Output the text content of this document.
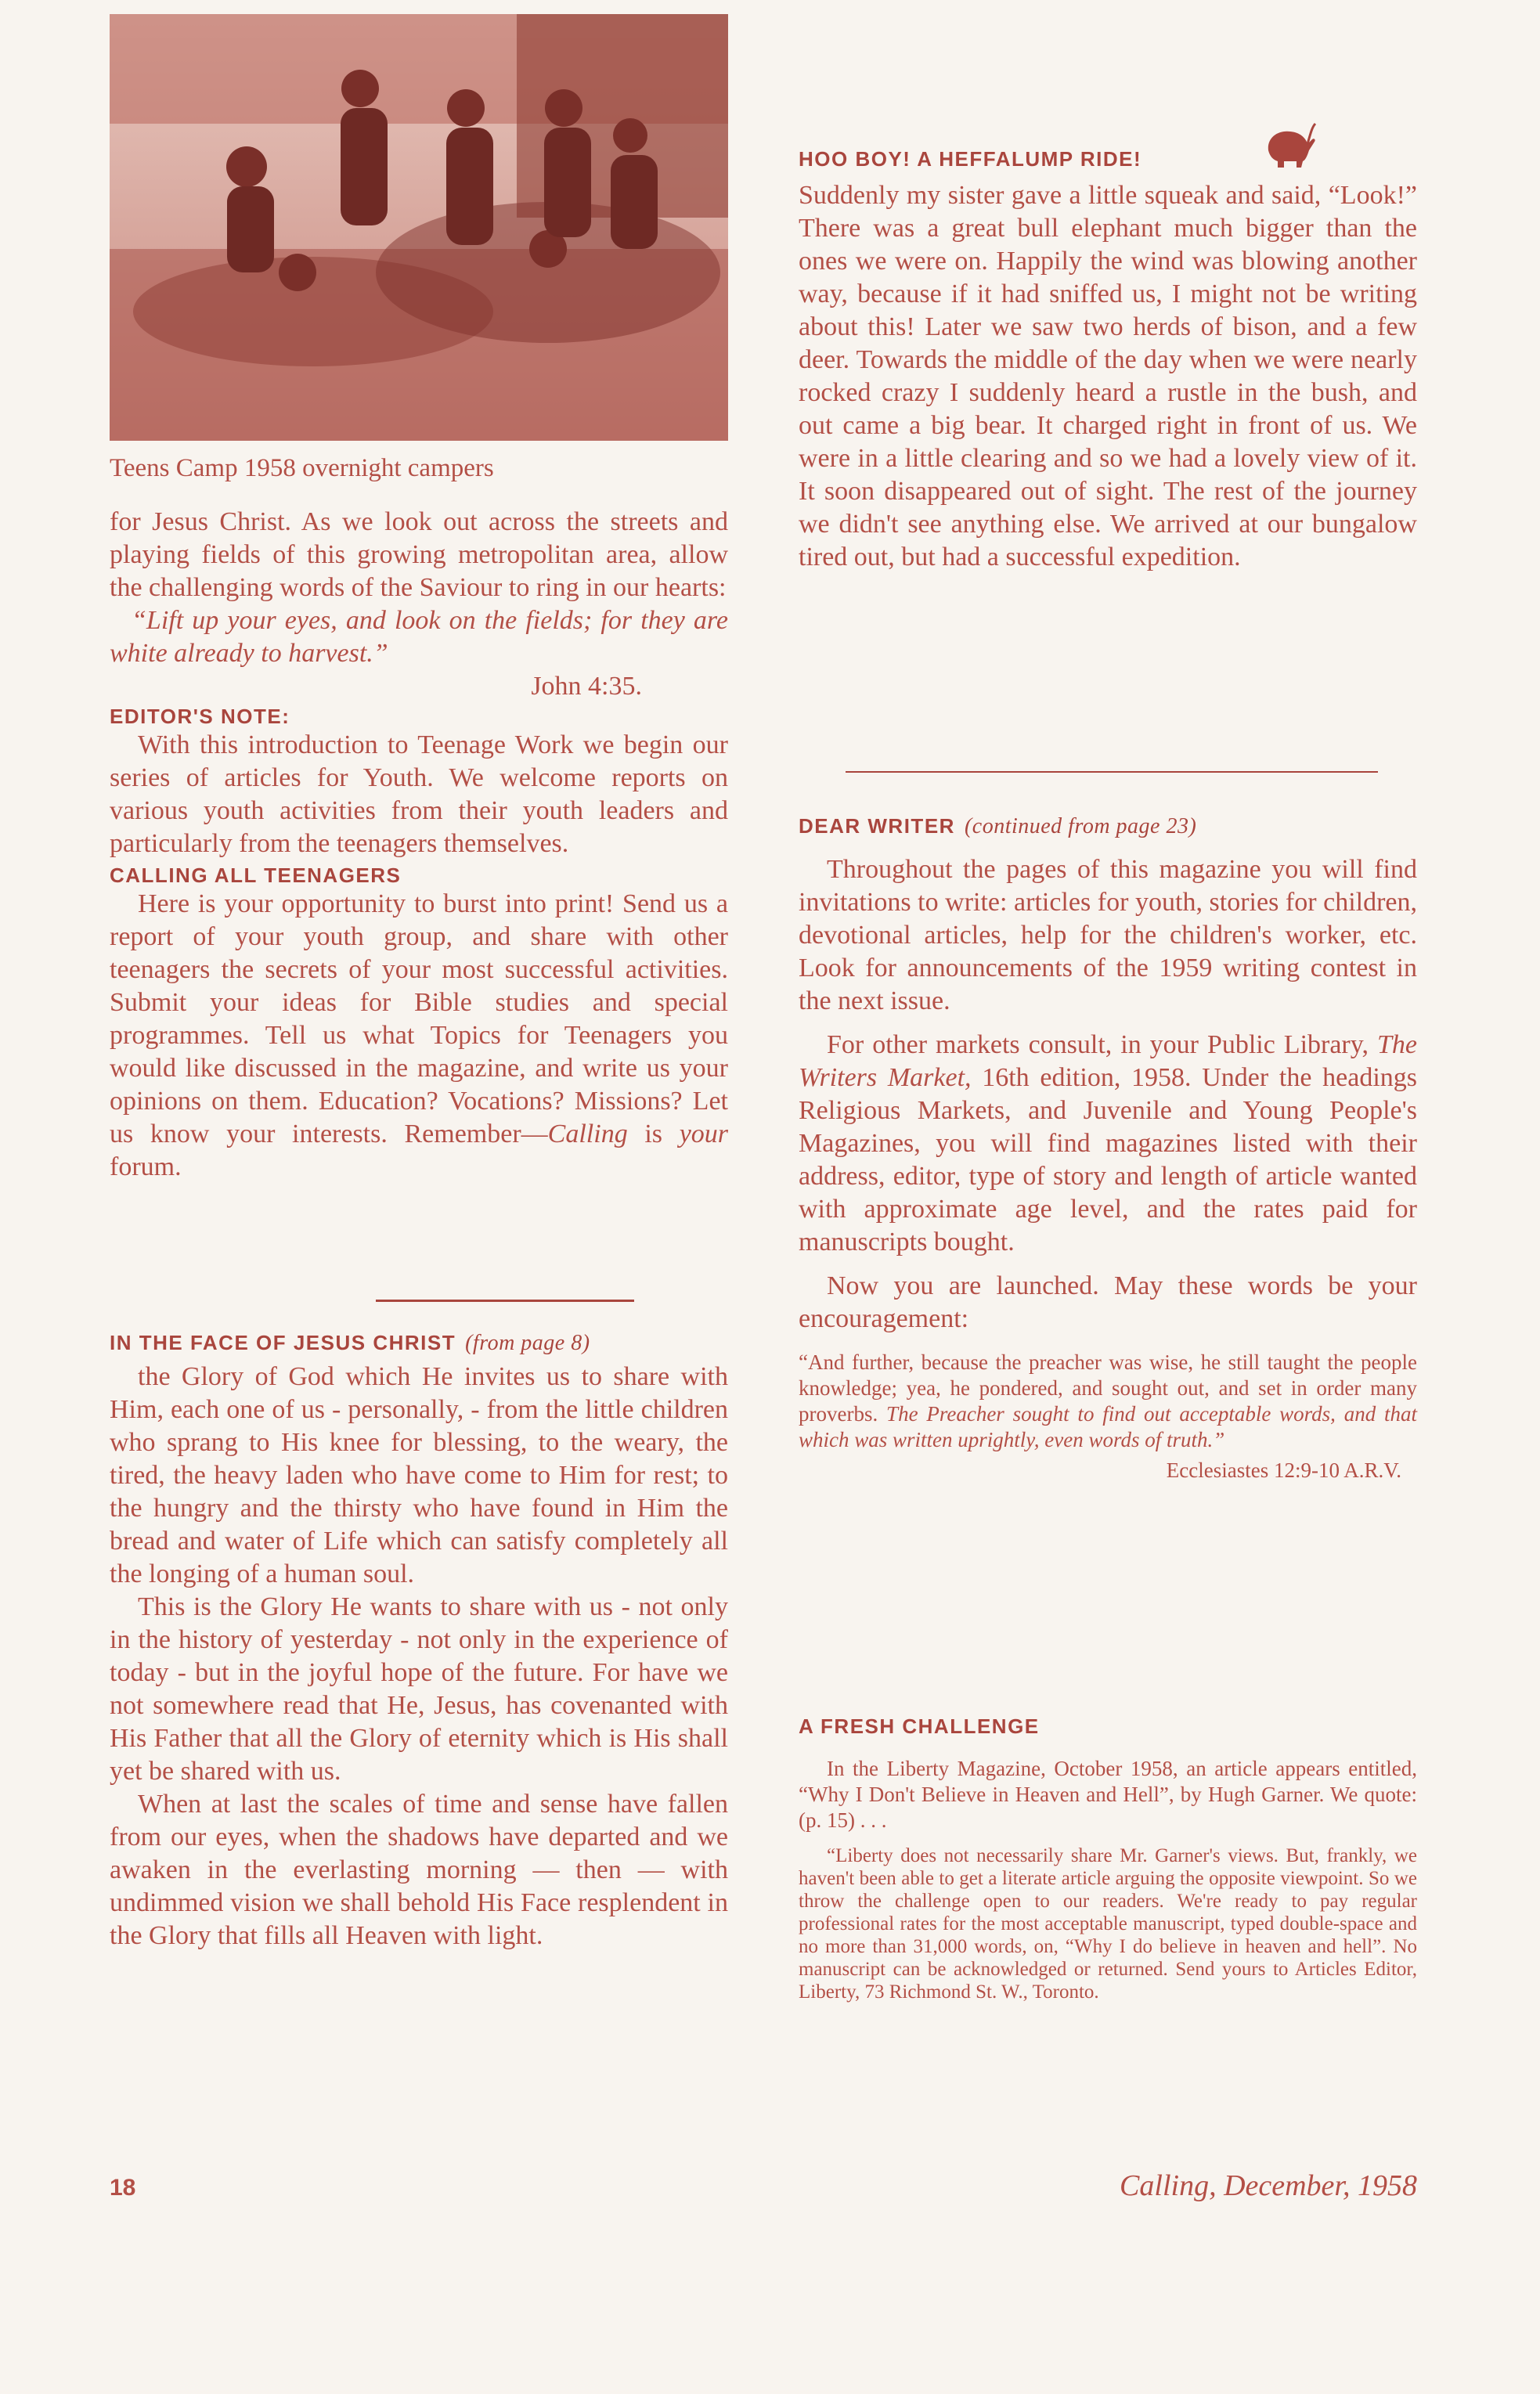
Teens Camp 1958 overnight campers

for Jesus Christ. As we look out across the streets and playing fields of this growing metropolitan area, allow the challenging words of the Saviour to ring in our hearts:

“Lift up your eyes, and look on the fields; for they are white already to harvest.”

John 4:35.

EDITOR'S NOTE:

With this introduction to Teenage Work we begin our series of articles for Youth. We welcome reports on various youth activities from their youth leaders and particularly from the teenagers themselves.

CALLING ALL TEENAGERS

Here is your opportunity to burst into print! Send us a report of your youth group, and share with other teenagers the secrets of your most successful activities. Submit your ideas for Bible studies and special programmes. Tell us what Topics for Teenagers you would like discussed in the magazine, and write us your opinions on them. Education? Vocations? Missions? Let us know your interests. Remember—Calling is your forum.

IN THE FACE OF JESUS CHRIST (from page 8)

the Glory of God which He invites us to share with Him, each one of us - personally, - from the little children who sprang to His knee for blessing, to the weary, the tired, the heavy laden who have come to Him for rest; to the hungry and the thirsty who have found in Him the bread and water of Life which can satisfy completely all the longing of a human soul.

This is the Glory He wants to share with us - not only in the history of yesterday - not only in the experience of today - but in the joyful hope of the future. For have we not somewhere read that He, Jesus, has covenanted with His Father that all the Glory of eternity which is His shall yet be shared with us.

When at last the scales of time and sense have fallen from our eyes, when the shadows have departed and we awaken in the everlasting morning — then — with undimmed vision we shall behold His Face resplendent in the Glory that fills all Heaven with light.

HOO BOY! A HEFFALUMP RIDE!

Suddenly my sister gave a little squeak and said, “Look!” There was a great bull elephant much bigger than the ones we were on. Happily the wind was blowing another way, because if it had sniffed us, I might not be writing about this! Later we saw two herds of bison, and a few deer. Towards the middle of the day when we were nearly rocked crazy I suddenly heard a rustle in the bush, and out came a big bear. It charged right in front of us. We were in a little clearing and so we had a lovely view of it. It soon disappeared out of sight. The rest of the journey we didn't see anything else. We arrived at our bungalow tired out, but had a successful expedition.

DEAR WRITER (continued from page 23)

Throughout the pages of this magazine you will find invitations to write: articles for youth, stories for children, devotional articles, help for the children's worker, etc. Look for announcements of the 1959 writing contest in the next issue.

For other markets consult, in your Public Library, The Writers Market, 16th edition, 1958. Under the headings Religious Markets, and Juvenile and Young People's Magazines, you will find magazines listed with their address, editor, type of story and length of article wanted with approximate age level, and the rates paid for manuscripts bought.

Now you are launched. May these words be your encouragement:

“And further, because the preacher was wise, he still taught the people knowledge; yea, he pondered, and sought out, and set in order many proverbs. The Preacher sought to find out acceptable words, and that which was written uprightly, even words of truth.”

Ecclesiastes 12:9-10 A.R.V.

A FRESH CHALLENGE

In the Liberty Magazine, October 1958, an article appears entitled, “Why I Don't Believe in Heaven and Hell”, by Hugh Garner. We quote: (p. 15) . . .

“Liberty does not necessarily share Mr. Garner's views. But, frankly, we haven't been able to get a literate article arguing the opposite viewpoint. So we throw the challenge open to our readers. We're ready to pay regular professional rates for the most acceptable manuscript, typed double-space and no more than 31,000 words, on, “Why I do believe in heaven and hell”. No manuscript can be acknowledged or returned. Send yours to Articles Editor, Liberty, 73 Richmond St. W., Toronto.

18	Calling, December, 1958
